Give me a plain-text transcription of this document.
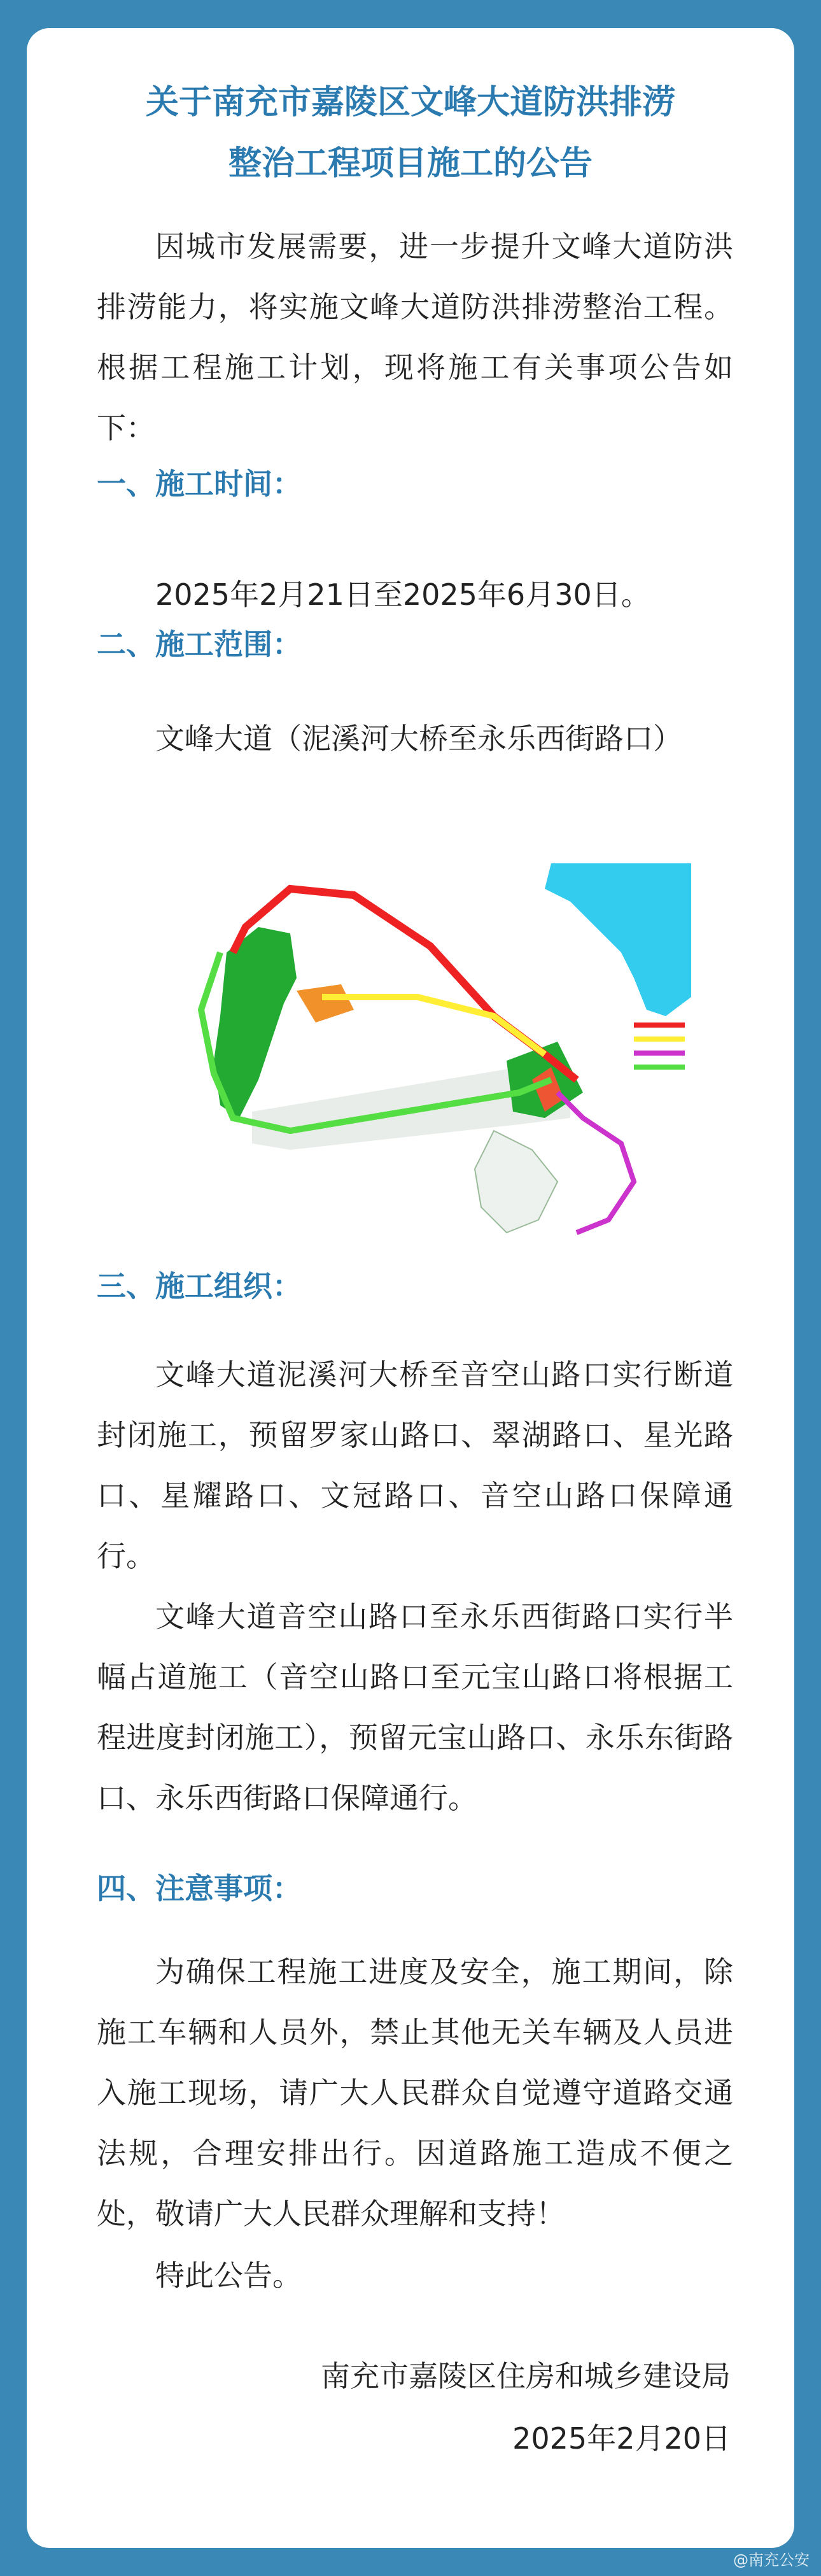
关于南充市嘉陵区文峰大道防洪排涝
整治工程项目施工的公告

因城市发展需要，进一步提升文峰大道防洪排涝能力，将实施文峰大道防洪排涝整治工程。根据工程施工计划，现将施工有关事项公告如下：

一、施工时间：

2025年2月21日至2025年6月30日。

二、施工范围：

文峰大道（泥溪河大桥至永乐西街路口）

三、施工组织：

文峰大道泥溪河大桥至音空山路口实行断道封闭施工，预留罗家山路口、翠湖路口、星光路口、星耀路口、文冠路口、音空山路口保障通行。

文峰大道音空山路口至永乐西街路口实行半幅占道施工（音空山路口至元宝山路口将根据工程进度封闭施工），预留元宝山路口、永乐东街路口、永乐西街路口保障通行。

四、注意事项：

为确保工程施工进度及安全，施工期间，除施工车辆和人员外，禁止其他无关车辆及人员进入施工现场，请广大人民群众自觉遵守道路交通法规，合理安排出行。因道路施工造成不便之处，敬请广大人民群众理解和支持！

特此公告。

南充市嘉陵区住房和城乡建设局
2025年2月20日
@南充公安
